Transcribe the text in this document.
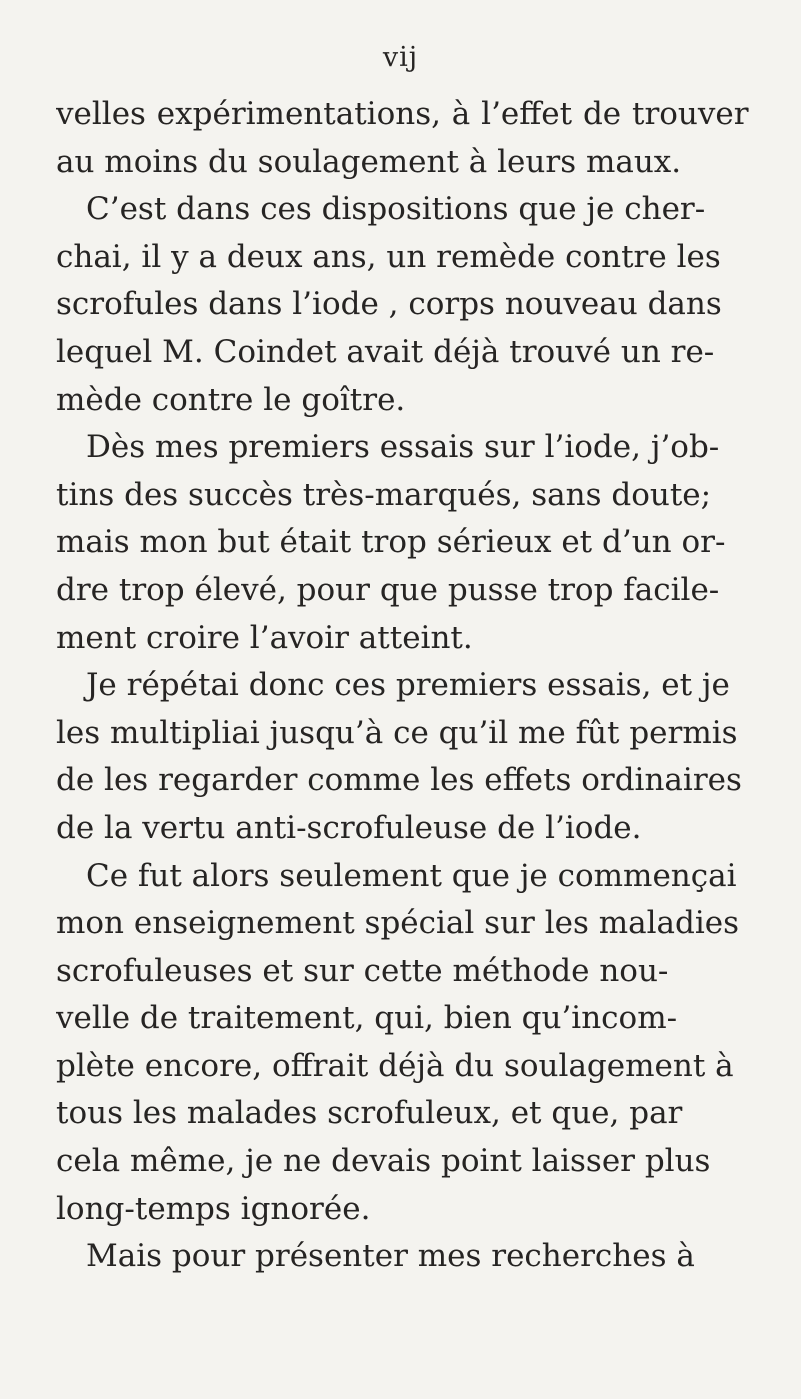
vij
velles expérimentations, à l’effet de trouver
au moins du soulagement à leurs maux.
C’est dans ces dispositions que je cher-
chai, il y a deux ans, un remède contre les
scrofules dans l’iode , corps nouveau dans
lequel M. Coindet avait déjà trouvé un re-
mède contre le goître.
Dès mes premiers essais sur l’iode, j’ob-
tins des succès très-marqués, sans doute;
mais mon but était trop sérieux et d’un or-
dre trop élevé, pour que pusse trop facile-
ment croire l’avoir atteint.
Je répétai donc ces premiers essais, et je
les multipliai jusqu’à ce qu’il me fût permis
de les regarder comme les effets ordinaires
de la vertu anti-scrofuleuse de l’iode.
Ce fut alors seulement que je commençai
mon enseignement spécial sur les maladies
scrofuleuses et sur cette méthode nou-
velle de traitement, qui, bien qu’incom-
plète encore, offrait déjà du soulagement à
tous les malades scrofuleux, et que, par
cela même, je ne devais point laisser plus
long-temps ignorée.
Mais pour présenter mes recherches à
